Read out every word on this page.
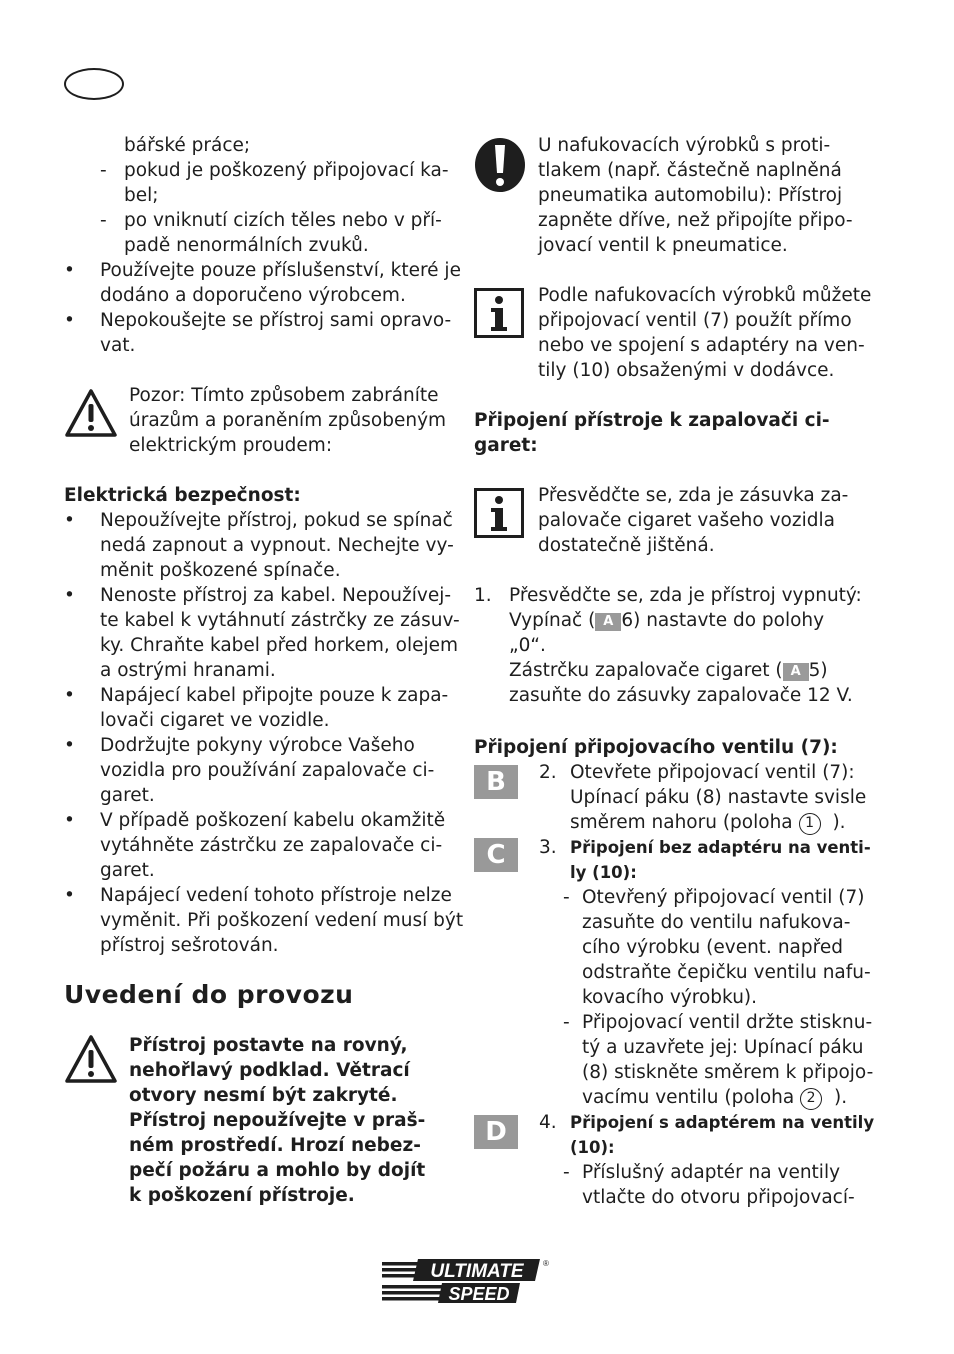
bářské práce;
- pokud je poškozený připojovací ka-
bel;
- po vniknutí cizích těles nebo v pří-
padě nenormálních zvuků.
• Používejte pouze příslušenství, které je
dodáno a doporučeno výrobcem.
• Nepokoušejte se přístroj sami opravo-
vat.
Pozor: Tímto způsobem zabráníte
úrazům a poraněním způsobeným
elektrickým proudem:
Elektrická bezpečnost:
• Nepoužívejte přístroj, pokud se spínač
nedá zapnout a vypnout. Nechejte vy-
měnit poškozené spínače.
• Nenoste přístroj za kabel. Nepoužívej-
te kabel k vytáhnutí zástrčky ze zásuv-
ky. Chraňte kabel před horkem, olejem
a ostrými hranami.
• Napájecí kabel připojte pouze k zapa-
lovači cigaret ve vozidle.
• Dodržujte pokyny výrobce Vašeho
vozidla pro používání zapalovače ci-
garet.
• V případě poškození kabelu okamžitě
vytáhněte zástrčku ze zapalovače ci-
garet.
• Napájecí vedení tohoto přístroje nelze
vyměnit. Při poškození vedení musí být
přístroj sešrotován.
Uvedení do provozu
Přístroj postavte na rovný,
nehořlavý podklad. Větrací
otvory nesmí být zakryté.
Přístroj nepoužívejte v praš-
ném prostředí. Hrozí nebez-
pečí požáru a mohlo by dojít
k poškození přístroje.
U nafukovacích výrobků s proti-
tlakem (např. částečně naplněná
pneumatika automobilu): Přístroj
zapněte dříve, než připojíte připo-
jovací ventil k pneumatice.
Podle nafukovacích výrobků můžete
připojovací ventil (7) použít přímo
nebo ve spojení s adaptéry na ven-
tily (10) obsaženými v dodávce.
Připojení přístroje k zapalovači ci-
garet:
Přesvědčte se, zda je zásuvka za-
palovače cigaret vašeho vozidla
dostatečně jištěná.
1. Přesvědčte se, zda je přístroj vypnutý:
Vypínač ( A 6) nastavte do polohy
„0“.
Zástrčku zapalovače cigaret ( A 5)
zasuňte do zásuvky zapalovače 12 V.
Připojení připojovacího ventilu (7):
B	2. Otevřete připojovací ventil (7):
Upínací páku (8) nastavte svisle
směrem nahoru (poloha 1 ).
C	3. Připojení bez adaptéru na venti-
ly (10):
- Otevřený připojovací ventil (7)
zasuňte do ventilu nafukova-
cího výrobku (event. napřed
odstraňte čepičku ventilu nafu-
kovacího výrobku).
- Připojovací ventil držte stisknu-
tý a uzavřete jej: Upínací páku
(8) stiskněte směrem k připojo-
vacímu ventilu (poloha 2 ).
D	4. Připojení s adaptérem na ventily
(10):
- Příslušný adaptér na ventily
vtlačte do otvoru připojovací-
ULTIMATE
SPEED
®
